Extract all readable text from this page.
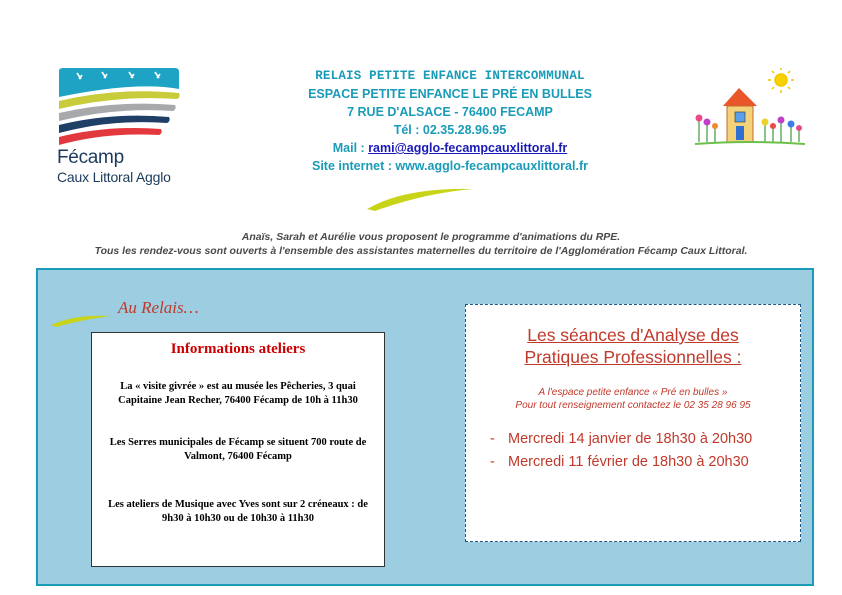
Fécamp
Caux Littoral Agglo
RELAIS PETITE ENFANCE INTERCOMMUNAL
ESPACE PETITE ENFANCE LE PRÉ EN BULLES
7 RUE D'ALSACE - 76400 FECAMP
Tél : 02.35.28.96.95
Mail : rami@agglo-fecampcauxlittoral.fr
Site internet : www.agglo-fecampcauxlittoral.fr
Anaïs, Sarah et Aurélie vous proposent le programme d'animations du RPE.
Tous les rendez-vous sont ouverts à l'ensemble des assistantes maternelles du territoire de l'Agglomération Fécamp Caux Littoral.
Au Relais…
Informations ateliers
La « visite givrée » est au musée les Pêcheries, 3 quai Capitaine Jean Recher, 76400 Fécamp de 10h à 11h30
Les Serres municipales de Fécamp se situent 700 route de Valmont, 76400 Fécamp
Les ateliers de Musique avec Yves sont sur 2 créneaux : de 9h30 à 10h30 ou de 10h30 à 11h30
Les séances d'Analyse des
Pratiques Professionnelles :
A l'espace petite enfance « Pré en bulles »
Pour tout renseignement contactez le 02 35 28 96 95
- Mercredi 14 janvier de 18h30 à 20h30
- Mercredi 11 février de 18h30 à 20h30
